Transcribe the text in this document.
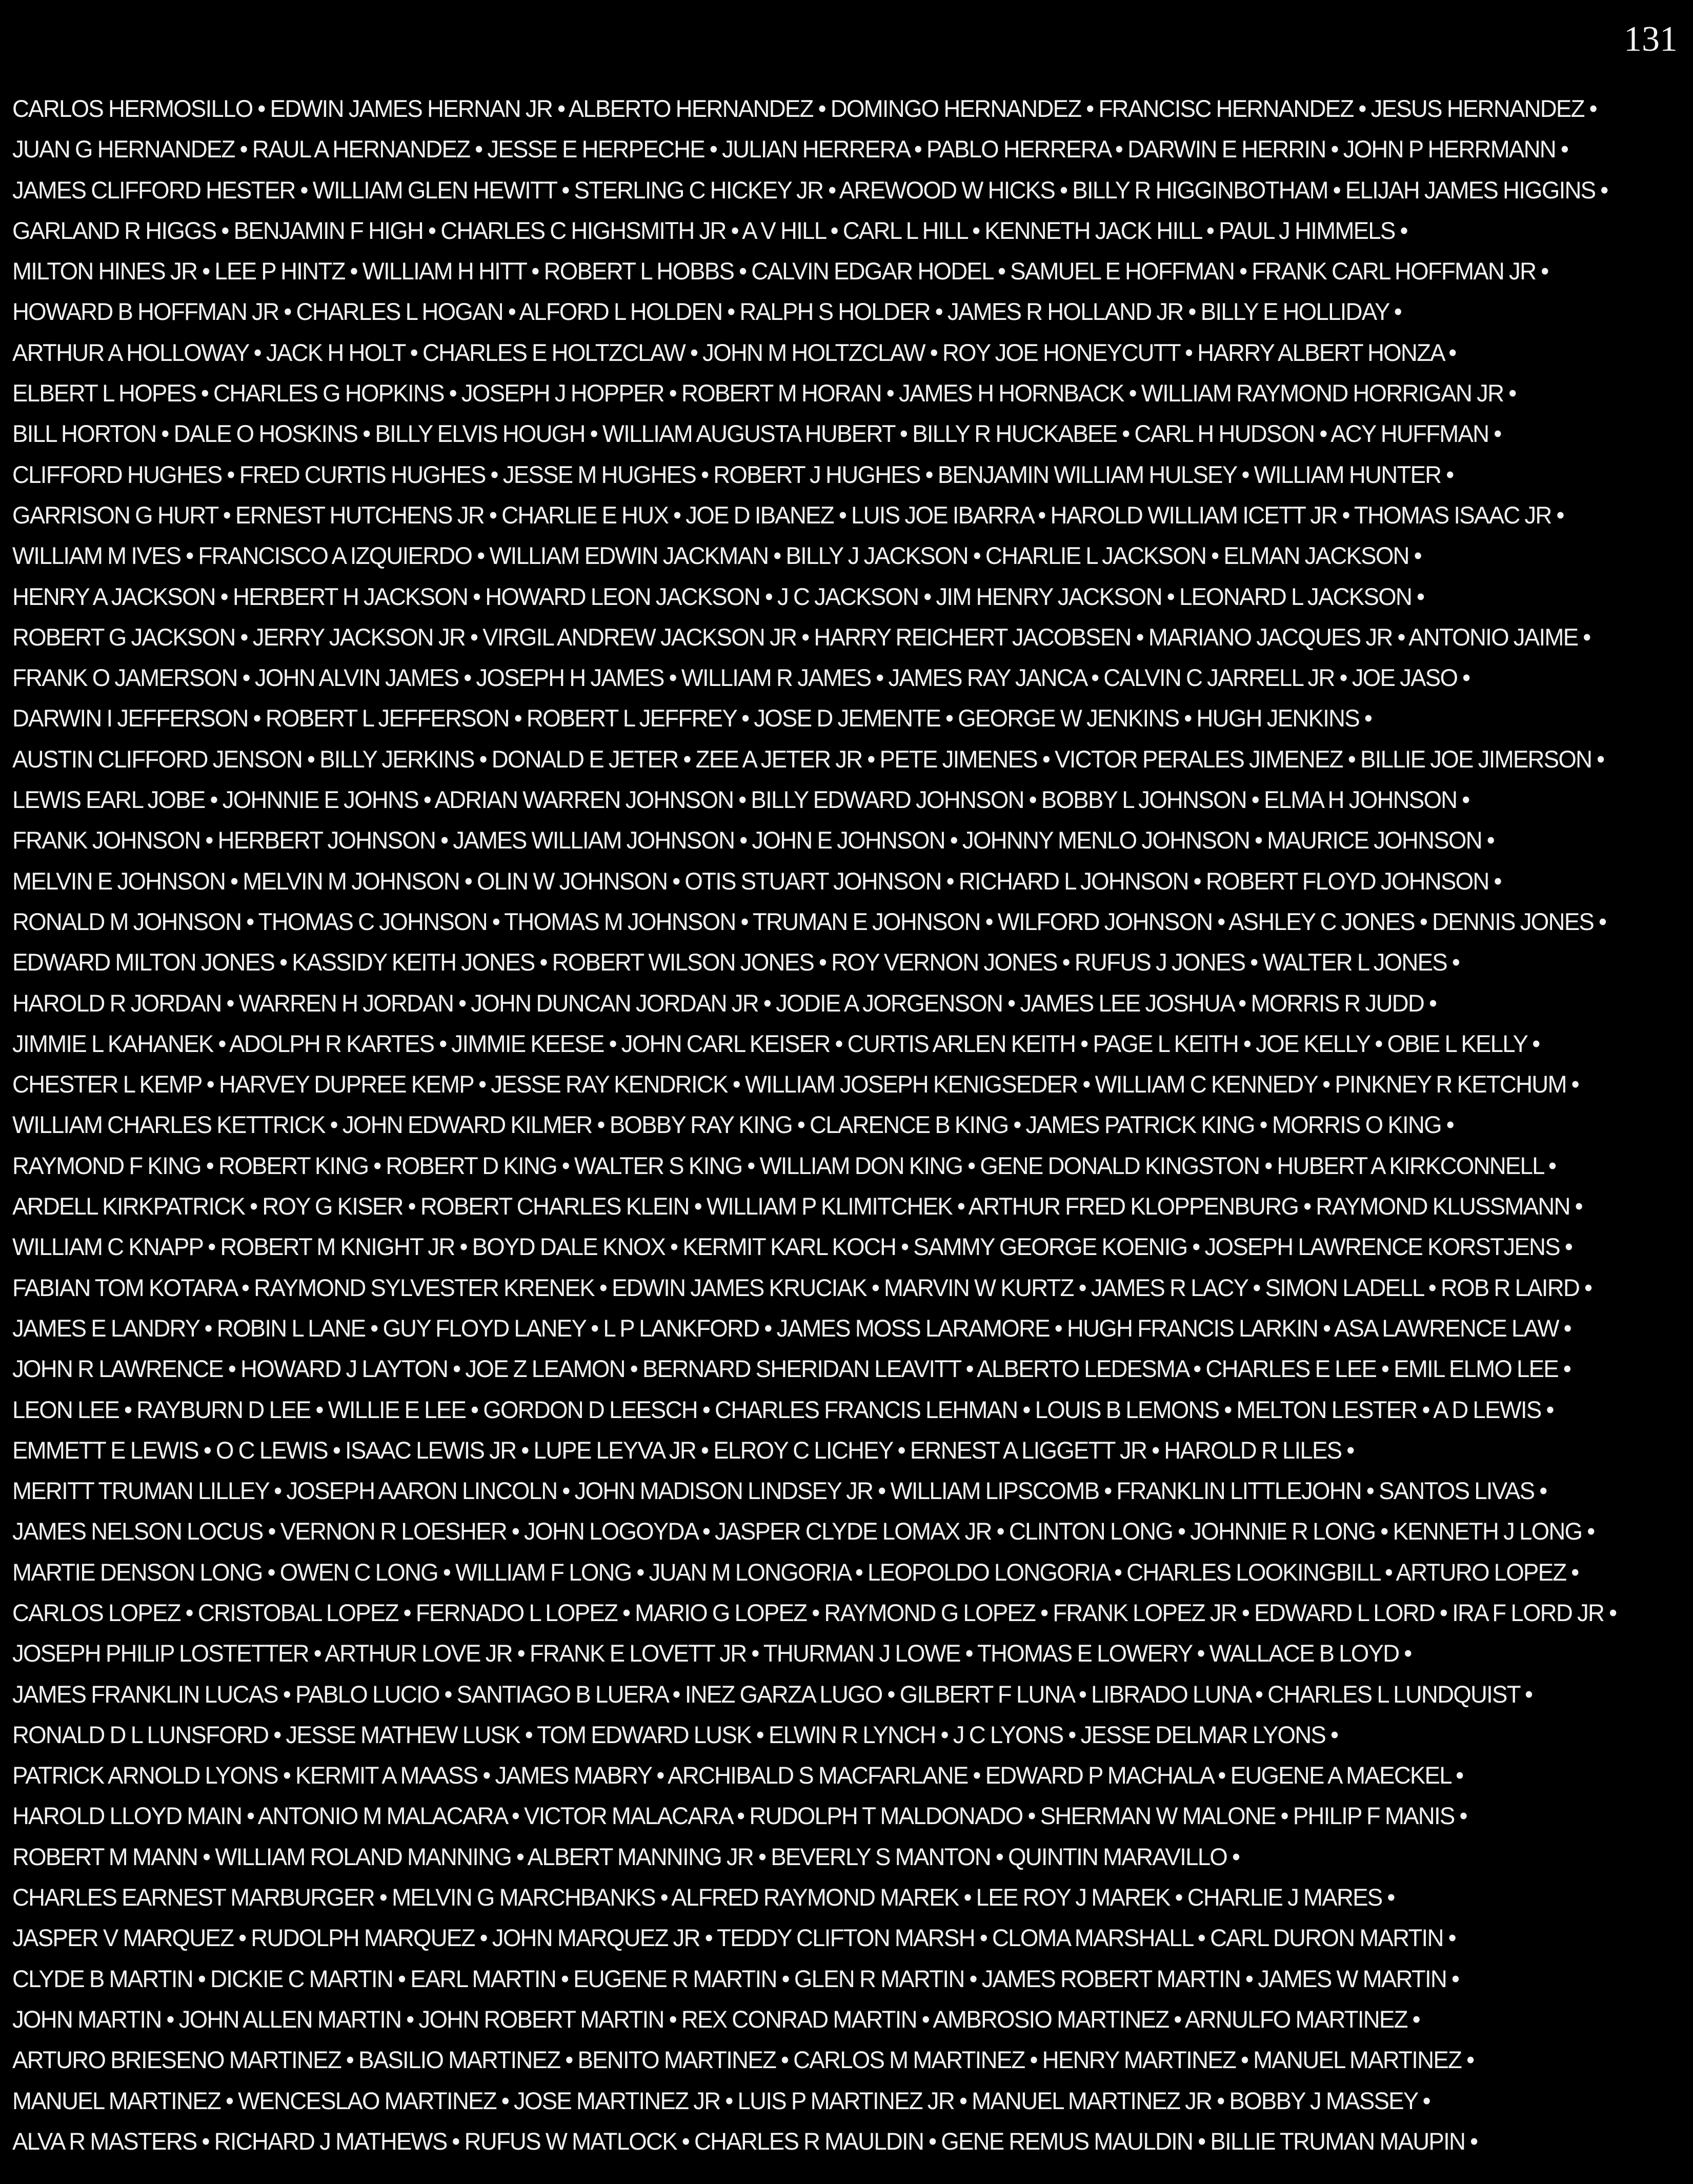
131
CARLOS HERMOSILLO • EDWIN JAMES HERNAN JR • ALBERTO HERNANDEZ • DOMINGO HERNANDEZ • FRANCISC HERNANDEZ • JESUS HERNANDEZ •
JUAN G HERNANDEZ • RAUL A HERNANDEZ • JESSE E HERPECHE • JULIAN HERRERA • PABLO HERRERA • DARWIN E HERRIN • JOHN P HERRMANN •
JAMES CLIFFORD HESTER • WILLIAM GLEN HEWITT • STERLING C HICKEY JR • AREWOOD W HICKS • BILLY R HIGGINBOTHAM • ELIJAH JAMES HIGGINS •
GARLAND R HIGGS • BENJAMIN F HIGH • CHARLES C HIGHSMITH JR • A V HILL • CARL L HILL • KENNETH JACK HILL • PAUL J HIMMELS •
MILTON HINES JR • LEE P HINTZ • WILLIAM H HITT • ROBERT L HOBBS • CALVIN EDGAR HODEL • SAMUEL E HOFFMAN • FRANK CARL HOFFMAN JR •
HOWARD B HOFFMAN JR • CHARLES L HOGAN • ALFORD L HOLDEN • RALPH S HOLDER • JAMES R HOLLAND JR • BILLY E HOLLIDAY •
ARTHUR A HOLLOWAY • JACK H HOLT • CHARLES E HOLTZCLAW • JOHN M HOLTZCLAW • ROY JOE HONEYCUTT • HARRY ALBERT HONZA •
ELBERT L HOPES • CHARLES G HOPKINS • JOSEPH J HOPPER • ROBERT M HORAN • JAMES H HORNBACK • WILLIAM RAYMOND HORRIGAN JR •
BILL HORTON • DALE O HOSKINS • BILLY ELVIS HOUGH • WILLIAM AUGUSTA HUBERT • BILLY R HUCKABEE • CARL H HUDSON • ACY HUFFMAN •
CLIFFORD HUGHES • FRED CURTIS HUGHES • JESSE M HUGHES • ROBERT J HUGHES • BENJAMIN WILLIAM HULSEY • WILLIAM HUNTER •
GARRISON G HURT • ERNEST HUTCHENS JR • CHARLIE E HUX • JOE D IBANEZ • LUIS JOE IBARRA • HAROLD WILLIAM ICETT JR • THOMAS ISAAC JR •
WILLIAM M IVES • FRANCISCO A IZQUIERDO • WILLIAM EDWIN JACKMAN • BILLY J JACKSON • CHARLIE L JACKSON • ELMAN JACKSON •
HENRY A JACKSON • HERBERT H JACKSON • HOWARD LEON JACKSON • J C JACKSON • JIM HENRY JACKSON • LEONARD L JACKSON •
ROBERT G JACKSON • JERRY JACKSON JR • VIRGIL ANDREW JACKSON JR • HARRY REICHERT JACOBSEN • MARIANO JACQUES JR • ANTONIO JAIME •
FRANK O JAMERSON • JOHN ALVIN JAMES • JOSEPH H JAMES • WILLIAM R JAMES • JAMES RAY JANCA • CALVIN C JARRELL JR • JOE JASO •
DARWIN I JEFFERSON • ROBERT L JEFFERSON • ROBERT L JEFFREY • JOSE D JEMENTE • GEORGE W JENKINS • HUGH JENKINS •
AUSTIN CLIFFORD JENSON • BILLY JERKINS • DONALD E JETER • ZEE A JETER JR • PETE JIMENES • VICTOR PERALES JIMENEZ • BILLIE JOE JIMERSON •
LEWIS EARL JOBE • JOHNNIE E JOHNS • ADRIAN WARREN JOHNSON • BILLY EDWARD JOHNSON • BOBBY L JOHNSON • ELMA H JOHNSON •
FRANK JOHNSON • HERBERT JOHNSON • JAMES WILLIAM JOHNSON • JOHN E JOHNSON • JOHNNY MENLO JOHNSON • MAURICE JOHNSON •
MELVIN E JOHNSON • MELVIN M JOHNSON • OLIN W JOHNSON • OTIS STUART JOHNSON • RICHARD L JOHNSON • ROBERT FLOYD JOHNSON •
RONALD M JOHNSON • THOMAS C JOHNSON • THOMAS M JOHNSON • TRUMAN E JOHNSON • WILFORD JOHNSON • ASHLEY C JONES • DENNIS JONES •
EDWARD MILTON JONES • KASSIDY KEITH JONES • ROBERT WILSON JONES • ROY VERNON JONES • RUFUS J JONES • WALTER L JONES •
HAROLD R JORDAN • WARREN H JORDAN • JOHN DUNCAN JORDAN JR • JODIE A JORGENSON • JAMES LEE JOSHUA • MORRIS R JUDD •
JIMMIE L KAHANEK • ADOLPH R KARTES • JIMMIE KEESE • JOHN CARL KEISER • CURTIS ARLEN KEITH • PAGE L KEITH • JOE KELLY • OBIE L KELLY •
CHESTER L KEMP • HARVEY DUPREE KEMP • JESSE RAY KENDRICK • WILLIAM JOSEPH KENIGSEDER • WILLIAM C KENNEDY • PINKNEY R KETCHUM •
WILLIAM CHARLES KETTRICK • JOHN EDWARD KILMER • BOBBY RAY KING • CLARENCE B KING • JAMES PATRICK KING • MORRIS O KING •
RAYMOND F KING • ROBERT KING • ROBERT D KING • WALTER S KING • WILLIAM DON KING • GENE DONALD KINGSTON • HUBERT A KIRKCONNELL •
ARDELL KIRKPATRICK • ROY G KISER • ROBERT CHARLES KLEIN • WILLIAM P KLIMITCHEK • ARTHUR FRED KLOPPENBURG • RAYMOND KLUSSMANN •
WILLIAM C KNAPP • ROBERT M KNIGHT JR • BOYD DALE KNOX • KERMIT KARL KOCH • SAMMY GEORGE KOENIG • JOSEPH LAWRENCE KORSTJENS •
FABIAN TOM KOTARA • RAYMOND SYLVESTER KRENEK • EDWIN JAMES KRUCIAK • MARVIN W KURTZ • JAMES R LACY • SIMON LADELL • ROB R LAIRD •
JAMES E LANDRY • ROBIN L LANE • GUY FLOYD LANEY • L P LANKFORD • JAMES MOSS LARAMORE • HUGH FRANCIS LARKIN • ASA LAWRENCE LAW •
JOHN R LAWRENCE • HOWARD J LAYTON • JOE Z LEAMON • BERNARD SHERIDAN LEAVITT • ALBERTO LEDESMA • CHARLES E LEE • EMIL ELMO LEE •
LEON LEE • RAYBURN D LEE • WILLIE E LEE • GORDON D LEESCH • CHARLES FRANCIS LEHMAN • LOUIS B LEMONS • MELTON LESTER • A D LEWIS •
EMMETT E LEWIS • O C LEWIS • ISAAC LEWIS JR • LUPE LEYVA JR • ELROY C LICHEY • ERNEST A LIGGETT JR • HAROLD R LILES •
MERITT TRUMAN LILLEY • JOSEPH AARON LINCOLN • JOHN MADISON LINDSEY JR • WILLIAM LIPSCOMB • FRANKLIN LITTLEJOHN • SANTOS LIVAS •
JAMES NELSON LOCUS • VERNON R LOESHER • JOHN LOGOYDA • JASPER CLYDE LOMAX JR • CLINTON LONG • JOHNNIE R LONG • KENNETH J LONG •
MARTIE DENSON LONG • OWEN C LONG • WILLIAM F LONG • JUAN M LONGORIA • LEOPOLDO LONGORIA • CHARLES LOOKINGBILL • ARTURO LOPEZ •
CARLOS LOPEZ • CRISTOBAL LOPEZ • FERNADO L LOPEZ • MARIO G LOPEZ • RAYMOND G LOPEZ • FRANK LOPEZ JR • EDWARD L LORD • IRA F LORD JR •
JOSEPH PHILIP LOSTETTER • ARTHUR LOVE JR • FRANK E LOVETT JR • THURMAN J LOWE • THOMAS E LOWERY • WALLACE B LOYD •
JAMES FRANKLIN LUCAS • PABLO LUCIO • SANTIAGO B LUERA • INEZ GARZA LUGO • GILBERT F LUNA • LIBRADO LUNA • CHARLES L LUNDQUIST •
RONALD D L LUNSFORD • JESSE MATHEW LUSK • TOM EDWARD LUSK • ELWIN R LYNCH • J C LYONS • JESSE DELMAR LYONS •
PATRICK ARNOLD LYONS • KERMIT A MAASS • JAMES MABRY • ARCHIBALD S MACFARLANE • EDWARD P MACHALA • EUGENE A MAECKEL •
HAROLD LLOYD MAIN • ANTONIO M MALACARA • VICTOR MALACARA • RUDOLPH T MALDONADO • SHERMAN W MALONE • PHILIP F MANIS •
ROBERT M MANN • WILLIAM ROLAND MANNING • ALBERT MANNING JR • BEVERLY S MANTON • QUINTIN MARAVILLO •
CHARLES EARNEST MARBURGER • MELVIN G MARCHBANKS • ALFRED RAYMOND MAREK • LEE ROY J MAREK • CHARLIE J MARES •
JASPER V MARQUEZ • RUDOLPH MARQUEZ • JOHN MARQUEZ JR • TEDDY CLIFTON MARSH • CLOMA MARSHALL • CARL DURON MARTIN •
CLYDE B MARTIN • DICKIE C MARTIN • EARL MARTIN • EUGENE R MARTIN • GLEN R MARTIN • JAMES ROBERT MARTIN • JAMES W MARTIN •
JOHN MARTIN • JOHN ALLEN MARTIN • JOHN ROBERT MARTIN • REX CONRAD MARTIN • AMBROSIO MARTINEZ • ARNULFO MARTINEZ •
ARTURO BRIESENO MARTINEZ • BASILIO MARTINEZ • BENITO MARTINEZ • CARLOS M MARTINEZ • HENRY MARTINEZ • MANUEL MARTINEZ •
MANUEL MARTINEZ • WENCESLAO MARTINEZ • JOSE MARTINEZ JR • LUIS P MARTINEZ JR • MANUEL MARTINEZ JR • BOBBY J MASSEY •
ALVA R MASTERS • RICHARD J MATHEWS • RUFUS W MATLOCK • CHARLES R MAULDIN • GENE REMUS MAULDIN • BILLIE TRUMAN MAUPIN •
